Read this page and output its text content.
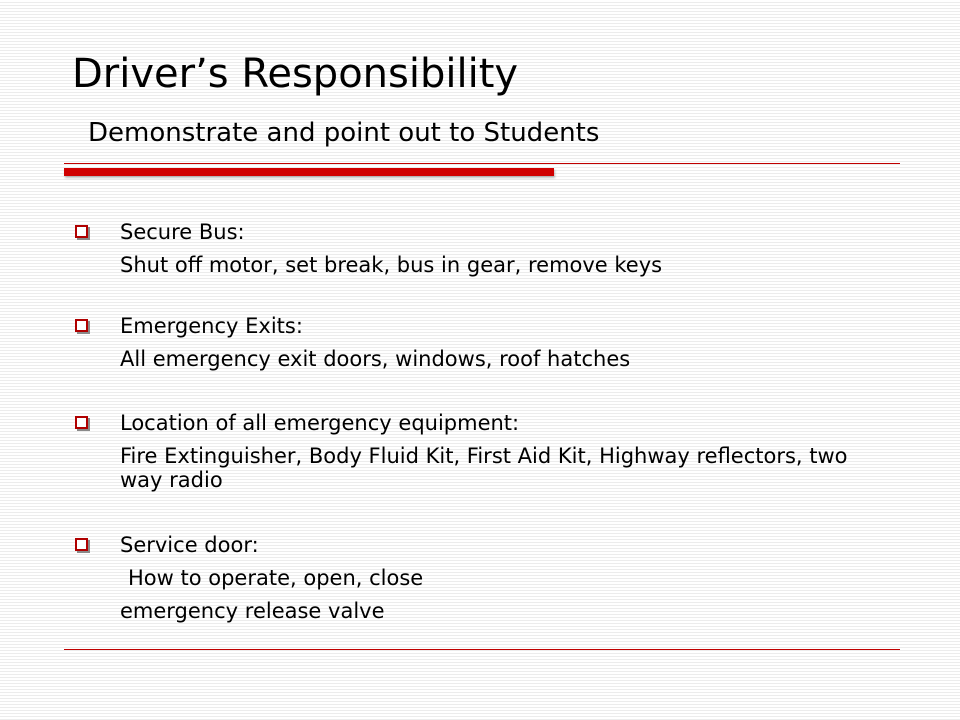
Driver’s Responsibility
Demonstrate and point out to Students

Secure Bus:

Shut off motor, set break, bus in gear, remove keys

Emergency Exits:

All emergency exit doors, windows, roof hatches

Location of all emergency equipment:

Fire Extinguisher, Body Fluid Kit, First Aid Kit, Highway reflectors, two way radio

Service door:

How to operate, open, close

emergency release valve
